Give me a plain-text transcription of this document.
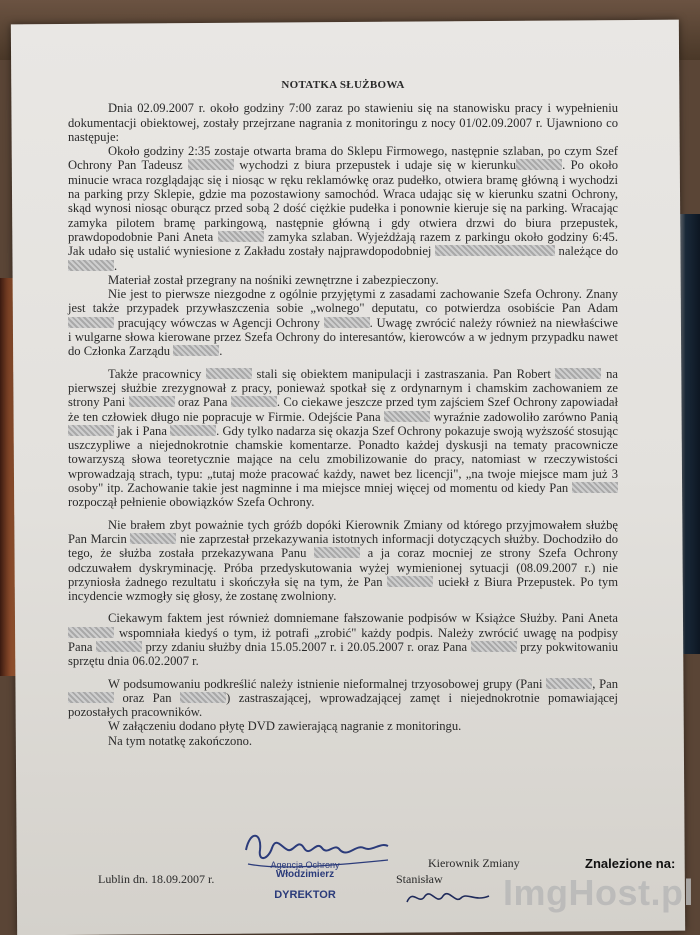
NOTATKA SŁUŻBOWA

Dnia 02.09.2007 r. około godziny 7:00 zaraz po stawieniu się na stanowisku pracy i wypełnieniu dokumentacji obiektowej, zostały przejrzane nagrania z monitoringu z nocy 01/02.09.2007 r. Ujawniono co następuje:

Około godziny 2:35 zostaje otwarta brama do Sklepu Firmowego, następnie szlaban, po czym Szef Ochrony Pan Tadeusz	wychodzi z biura przepustek i udaje się w kierunku	. Po około minucie wraca rozglądając się i niosąc w ręku reklamówkę oraz pudełko, otwiera bramę główną i wychodzi na parking przy Sklepie, gdzie ma pozostawiony samochód. Wraca udając się w kierunku szatni Ochrony, skąd wynosi niosąc oburącz przed sobą 2 dość ciężkie pudełka i ponownie kieruje się na parking. Wracając zamyka pilotem bramę parkingową, następnie główną i gdy otwiera drzwi do biura przepustek, prawdopodobnie Pani Aneta	zamyka szlaban. Wyjeżdżają razem z parkingu około godziny 6:45. Jak udało się ustalić wyniesione z Zakładu zostały najprawdopodobniej	należące do .

Materiał został przegrany na nośniki zewnętrzne i zabezpieczony.

Nie jest to pierwsze niezgodne z ogólnie przyjętymi z zasadami zachowanie Szefa Ochrony. Znany jest także przypadek przywłaszczenia sobie „wolnego" deputatu, co potwierdza osobiście Pan Adam  pracujący wówczas w Agencji Ochrony	. Uwagę zwrócić należy również na niewłaściwe i wulgarne słowa kierowane przez Szefa Ochrony do interesantów, kierowców a w jednym przypadku nawet do Członka Zarządu	.

Także pracownicy	stali się obiektem manipulacji i zastraszania. Pan Robert	na pierwszej służbie zrezygnował z pracy, ponieważ spotkał się z ordynarnym i chamskim zachowaniem ze strony Pani	oraz Pana	. Co ciekawe jeszcze przed tym zajściem Szef Ochrony zapowiadał że ten człowiek długo nie popracuje w Firmie. Odejście Pana	wyraźnie zadowoliło zarówno Panią  jak i Pana	. Gdy tylko nadarza się okazja Szef Ochrony pokazuje swoją wyższość stosując uszczypliwe a niejednokrotnie chamskie komentarze. Ponadto każdej dyskusji na tematy pracownicze towarzyszą słowa teoretycznie mające na celu zmobilizowanie do pracy, natomiast w rzeczywistości wprowadzają strach, typu: „tutaj może pracować każdy, nawet bez licencji", „na twoje miejsce mam już 3 osoby" itp. Zachowanie takie jest nagminne i ma miejsce mniej więcej od momentu od kiedy Pan  rozpoczął pełnienie obowiązków Szefa Ochrony.

Nie brałem zbyt poważnie tych gróźb dopóki Kierownik Zmiany od którego przyjmowałem służbę Pan Marcin	nie zaprzestał przekazywania istotnych informacji dotyczących służby. Dochodziło do tego, że służba została przekazywana Panu	a ja coraz mocniej ze strony Szefa Ochrony odczuwałem dyskryminację. Próba przedyskutowania wyżej wymienionej sytuacji (08.09.2007 r.) nie przyniosła żadnego rezultatu i skończyła się na tym, że Pan	uciekł z Biura Przepustek. Po tym incydencie wzmogły się głosy, że zostanę zwolniony.

Ciekawym faktem jest również domniemane fałszowanie podpisów w Książce Służby. Pani Aneta  wspomniała kiedyś o tym, iż potrafi „zrobić" każdy podpis. Należy zwrócić uwagę na podpisy Pana	przy zdaniu służby dnia 15.05.2007 r. i 20.05.2007 r. oraz Pana	przy pokwitowaniu sprzętu dnia 06.02.2007 r.

W podsumowaniu podkreślić należy istnienie nieformalnej trzyosobowej grupy (Pani	, Pan  oraz Pan	) zastraszającej, wprowadzającej zamęt i niejednokrotnie pomawiającej pozostałych pracowników.

W załączeniu dodano płytę DVD zawierającą nagranie z monitoringu.

Na tym notatkę zakończono.

Agencja Ochrony
Włodzimierz
DYREKTOR
Lublin dn. 18.09.2007 r.
Kierownik Zmiany
Stanisław
Znalezione na:
ImgHost.pl
